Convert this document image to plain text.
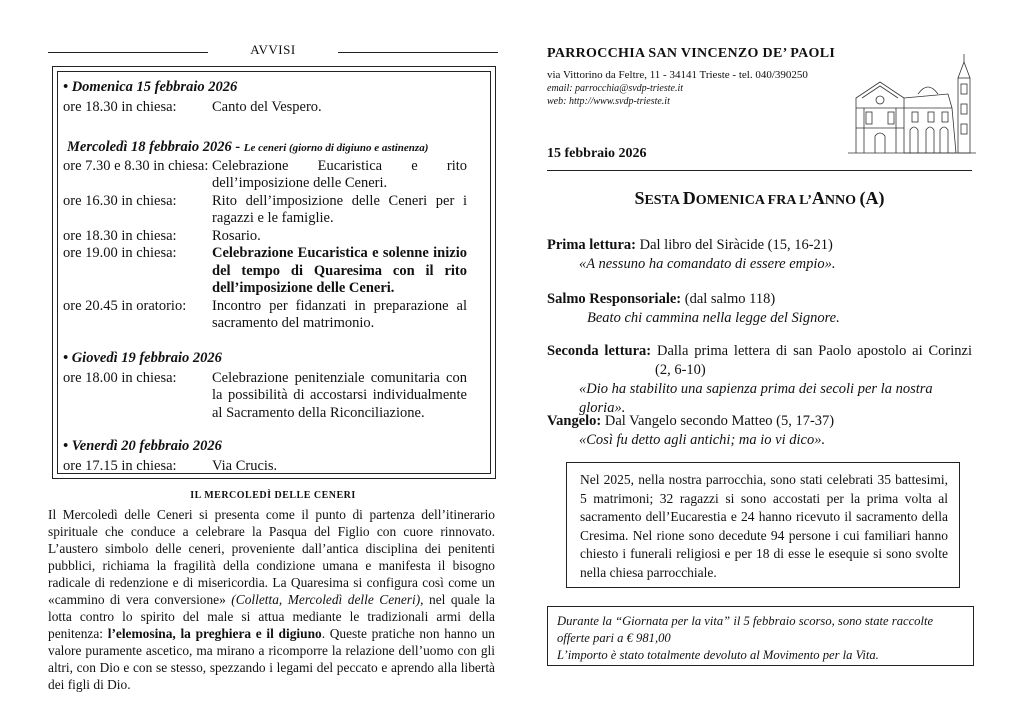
AVVISI
• Domenica 15 febbraio 2026
ore 18.30 in chiesa:	Canto del Vespero.
Mercoledì 18 febbraio 2026 - Le ceneri (giorno di digiuno e astinenza)
ore 7.30 e 8.30 in chiesa: Celebrazione Eucaristica e rito dell’imposizione delle Ceneri.
ore 16.30 in chiesa:	Rito dell’imposizione delle Ceneri per i ragazzi e le famiglie.
ore 18.30 in chiesa:	Rosario.
ore 19.00 in chiesa:	Celebrazione Eucaristica e solenne inizio del tempo di Quaresima con il rito dell’imposizione delle Ceneri.
ore 20.45 in oratorio:	Incontro per fidanzati in preparazione al sacramento del matrimonio.
• Giovedì 19 febbraio 2026
ore 18.00 in chiesa:	Celebrazione penitenziale comunitaria con la possibilità di accostarsi individualmente al Sacramento della Riconciliazione.
• Venerdì 20 febbraio 2026
ore 17.15 in chiesa:	Via Crucis.
IL MERCOLEDÌ DELLE CENERI
Il Mercoledì delle Ceneri si presenta come il punto di partenza dell’itinerario spirituale che conduce a celebrare la Pasqua del Figlio con cuore rinnovato. L’austero simbolo delle ceneri, proveniente dall’antica disciplina dei penitenti pubblici, richiama la fragilità della condizione umana e manifesta il bisogno radicale di redenzione e di misericordia. La Quaresima si configura così come un «cammino di vera conversione» (Colletta, Mercoledì delle Ceneri), nel quale la lotta contro lo spirito del male si attua mediante le tradizionali armi della penitenza: l’elemosina, la preghiera e il digiuno. Queste pratiche non hanno un valore puramente ascetico, ma mirano a ricomporre la relazione dell’uomo con gli altri, con Dio e con se stesso, spezzando i legami del peccato e aprendo alla libertà dei figli di Dio.
PARROCCHIA SAN VINCENZO DE’ PAOLI
via Vittorino da Feltre, 11 - 34141 Trieste - tel. 040/390250
email: parrocchia@svdp-trieste.it
web: http://www.svdp-trieste.it
15 febbraio 2026
SESTA DOMENICA FRA L’ANNO (A)
Prima lettura: Dal libro del Siràcide (15, 16-21)
«A nessuno ha comandato di essere empio».
Salmo Responsoriale: (dal salmo 118)
Beato chi cammina nella legge del Signore.
Seconda lettura: Dalla prima lettera di san Paolo apostolo ai Corinzi
(2, 6-10)
«Dio ha stabilito una sapienza prima dei secoli per la nostra gloria».
Vangelo: Dal Vangelo secondo Matteo (5, 17-37)
«Così fu detto agli antichi; ma io vi dico».

Nel 2025, nella nostra parrocchia, sono stati celebrati 35 battesimi, 5 matrimoni; 32 ragazzi si sono accostati per la prima volta al sacramento dell’Eucarestia e 24 hanno ricevuto il sacramento della Cresima. Nel rione sono decedute 94 persone i cui familiari hanno chiesto i funerali religiosi e per 18 di esse le esequie si sono svolte nella chiesa parrocchiale.

Durante la “Giornata per la vita” il 5 febbraio scorso, sono state raccolte
offerte pari a € 981,00
L’importo è stato totalmente devoluto al Movimento per la Vita.
